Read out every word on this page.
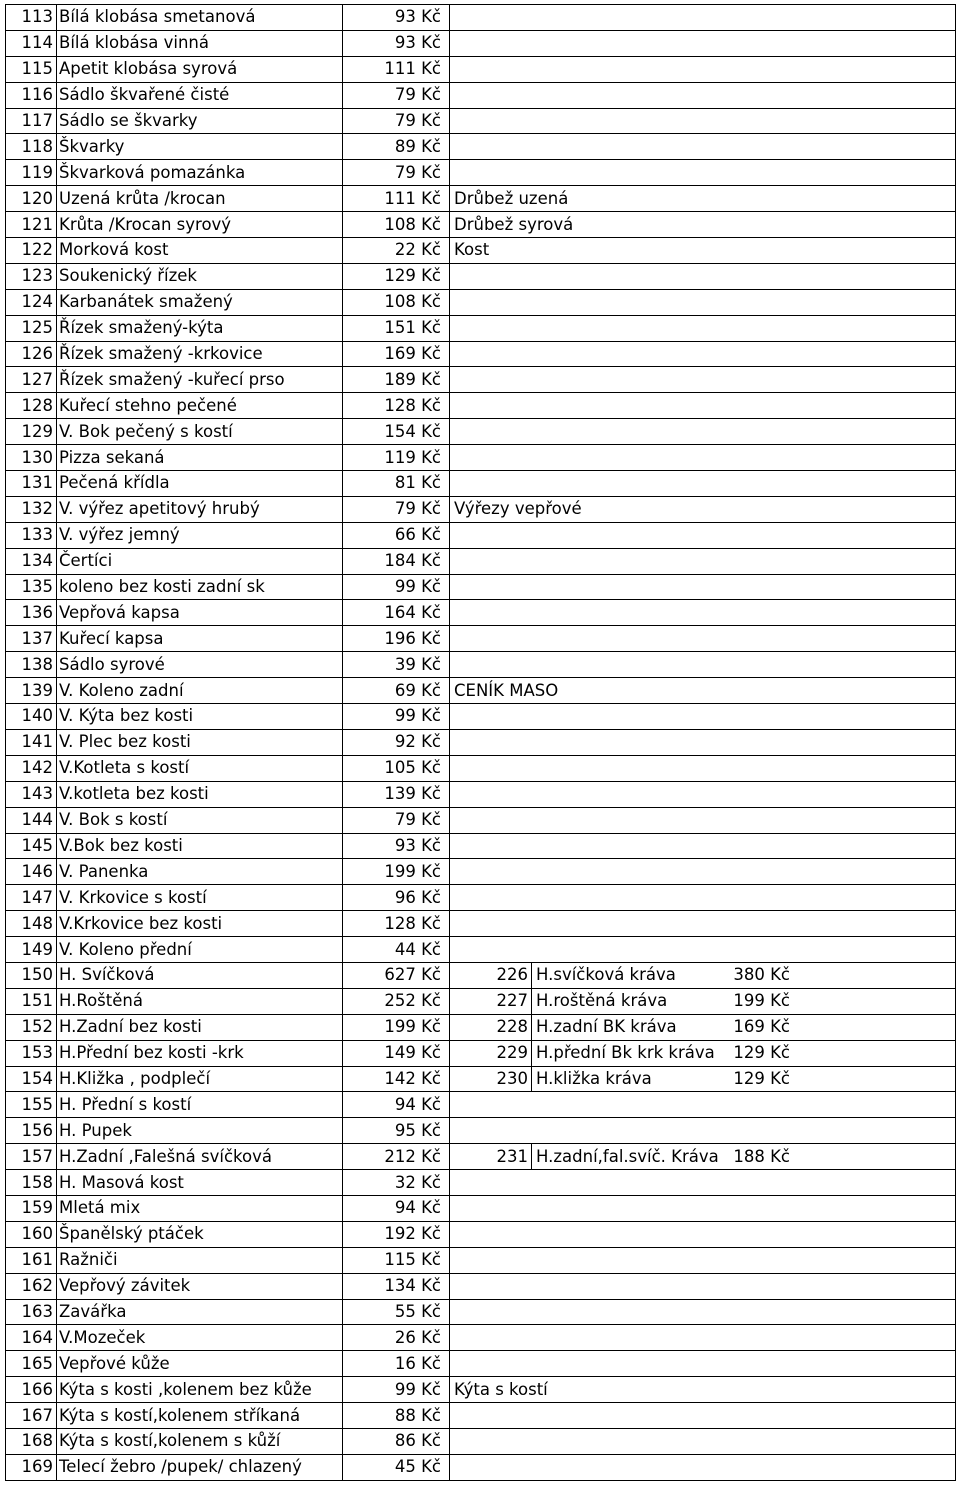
113	Bílá klobása smetanová	93 Kč		
114	Bílá klobása vinná	93 Kč		
115	Apetit klobása syrová	111 Kč		
116	Sádlo škvařené čisté	79 Kč		
117	Sádlo se škvarky	79 Kč		
118	Škvarky	89 Kč		
119	Škvarková pomazánka	79 Kč		
120	Uzená krůta /krocan	111 Kč	Drůbež uzená	
121	Krůta /Krocan syrový	108 Kč	Drůbež syrová	
122	Morková kost	22 Kč	Kost	
123	Soukenický řízek	129 Kč		
124	Karbanátek smažený	108 Kč		
125	Řízek smažený-kýta	151 Kč		
126	Řízek smažený -krkovice	169 Kč		
127	Řízek smažený -kuřecí prso	189 Kč		
128	Kuřecí stehno pečené	128 Kč		
129	V. Bok pečený s kostí	154 Kč		
130	Pizza sekaná	119 Kč		
131	Pečená křídla	81 Kč		
132	V. výřez apetitový hrubý	79 Kč	Výřezy vepřové	
133	V. výřez jemný	66 Kč		
134	Čertíci	184 Kč		
135	koleno bez kosti zadní sk	99 Kč		
136	Vepřová kapsa	164 Kč		
137	Kuřecí kapsa	196 Kč		
138	Sádlo syrové	39 Kč		
139	V. Koleno zadní	69 Kč	CENÍK MASO	
140	V. Kýta bez kosti	99 Kč		
141	V. Plec bez kosti	92 Kč		
142	V.Kotleta s kostí	105 Kč		
143	V.kotleta bez kosti	139 Kč		
144	V. Bok s kostí	79 Kč		
145	V.Bok bez kosti	93 Kč		
146	V. Panenka	199 Kč		
147	V. Krkovice s kostí	96 Kč		
148	V.Krkovice bez kosti	128 Kč		
149	V. Koleno přední	44 Kč		
150	H. Svíčková	627 Kč	226	H.svíčková kráva 380 Kč
151	H.Roštěná	252 Kč	227	H.roštěná kráva 199 Kč
152	H.Zadní bez kosti	199 Kč	228	H.zadní BK kráva 169 Kč
153	H.Přední bez kosti -krk	149 Kč	229	H.přední Bk krk kráva 129 Kč
154	H.Kližka , podplečí	142 Kč	230	H.kližka kráva 129 Kč
155	H. Přední s kostí	94 Kč		
156	H. Pupek	95 Kč		
157	H.Zadní ,Falešná svíčková	212 Kč	231	H.zadní,fal.svíč. Kráva 188 Kč
158	H. Masová kost	32 Kč		
159	Mletá mix	94 Kč		
160	Španělský ptáček	192 Kč		
161	Ražniči	115 Kč		
162	Vepřový závitek	134 Kč		
163	Zavářka	55 Kč		
164	V.Mozeček	26 Kč		
165	Vepřové kůže	16 Kč		
166	Kýta s kosti ,kolenem bez kůže	99 Kč	Kýta s kostí	
167	Kýta s kostí,kolenem stříkaná	88 Kč		
168	Kýta s kostí,kolenem s kůží	86 Kč		
169	Telecí žebro /pupek/ chlazený	45 Kč		
